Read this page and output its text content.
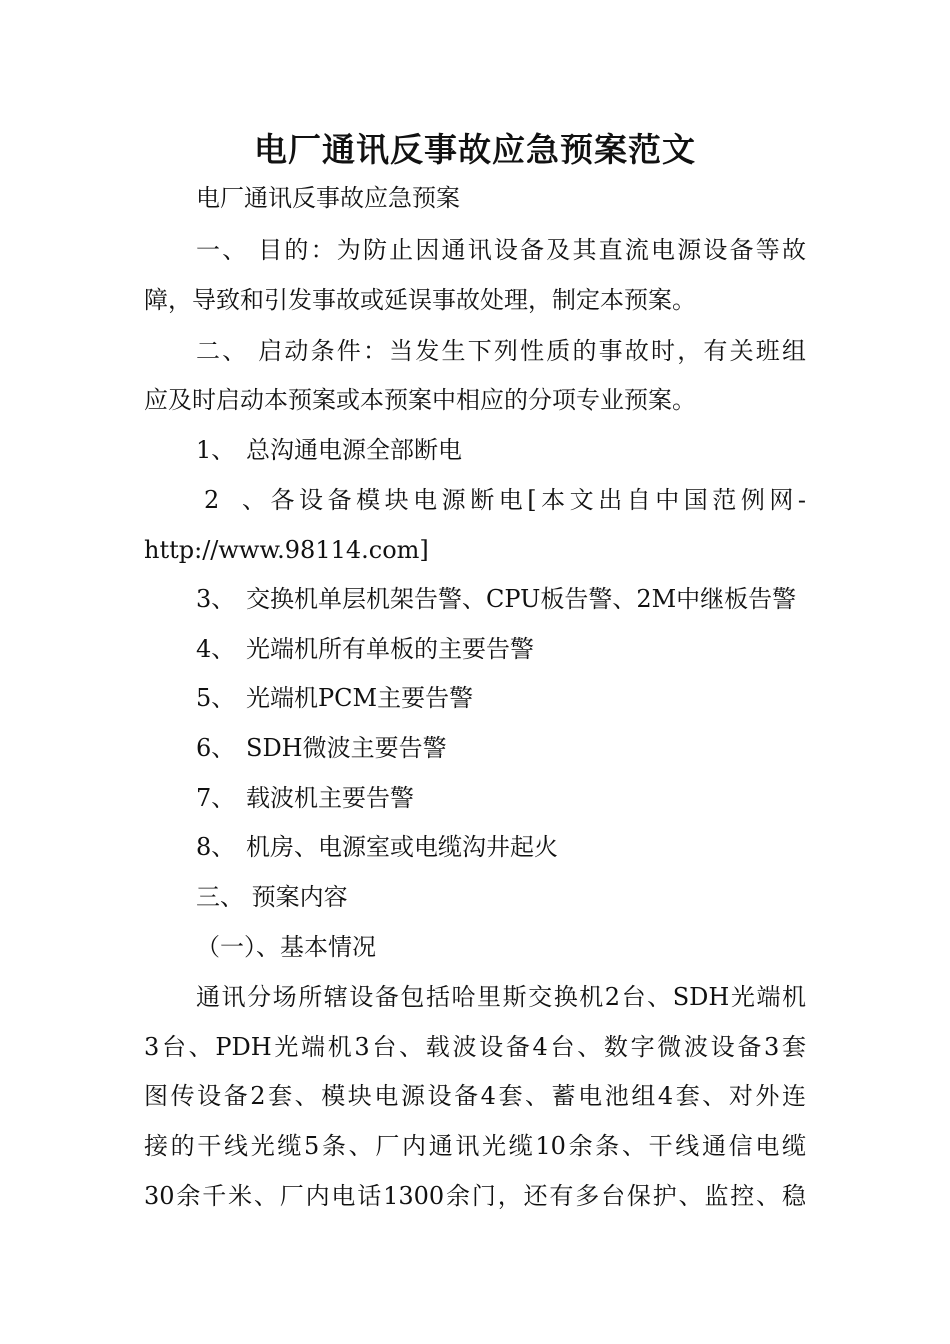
电厂通讯反事故应急预案范文
电厂通讯反事故应急预案
一、 目的：为防止因通讯设备及其直流电源设备等故
障，导致和引发事故或延误事故处理，制定本预案。
二、 启动条件：当发生下列性质的事故时，有关班组
应及时启动本预案或本预案中相应的分项专业预案。
1、 总沟通电源全部断电
2、各设备模块电源断电[本文出自中国范例网-
http://www.98114.com]
3、 交换机单层机架告警、CPU板告警、2M中继板告警
4、 光端机所有单板的主要告警
5、 光端机PCM主要告警
6、 SDH微波主要告警
7、 载波机主要告警
8、 机房、电源室或电缆沟井起火
三、 预案内容
（一）、基本情况
通讯分场所辖设备包括哈里斯交换机2台、SDH光端机
3台、PDH光端机3台、载波设备4台、数字微波设备3套
图传设备2套、模块电源设备4套、蓄电池组4套、对外连
接的干线光缆5条、厂内通讯光缆10余条、干线通信电缆
30余千米、厂内电话1300余门，还有多台保护、监控、稳
